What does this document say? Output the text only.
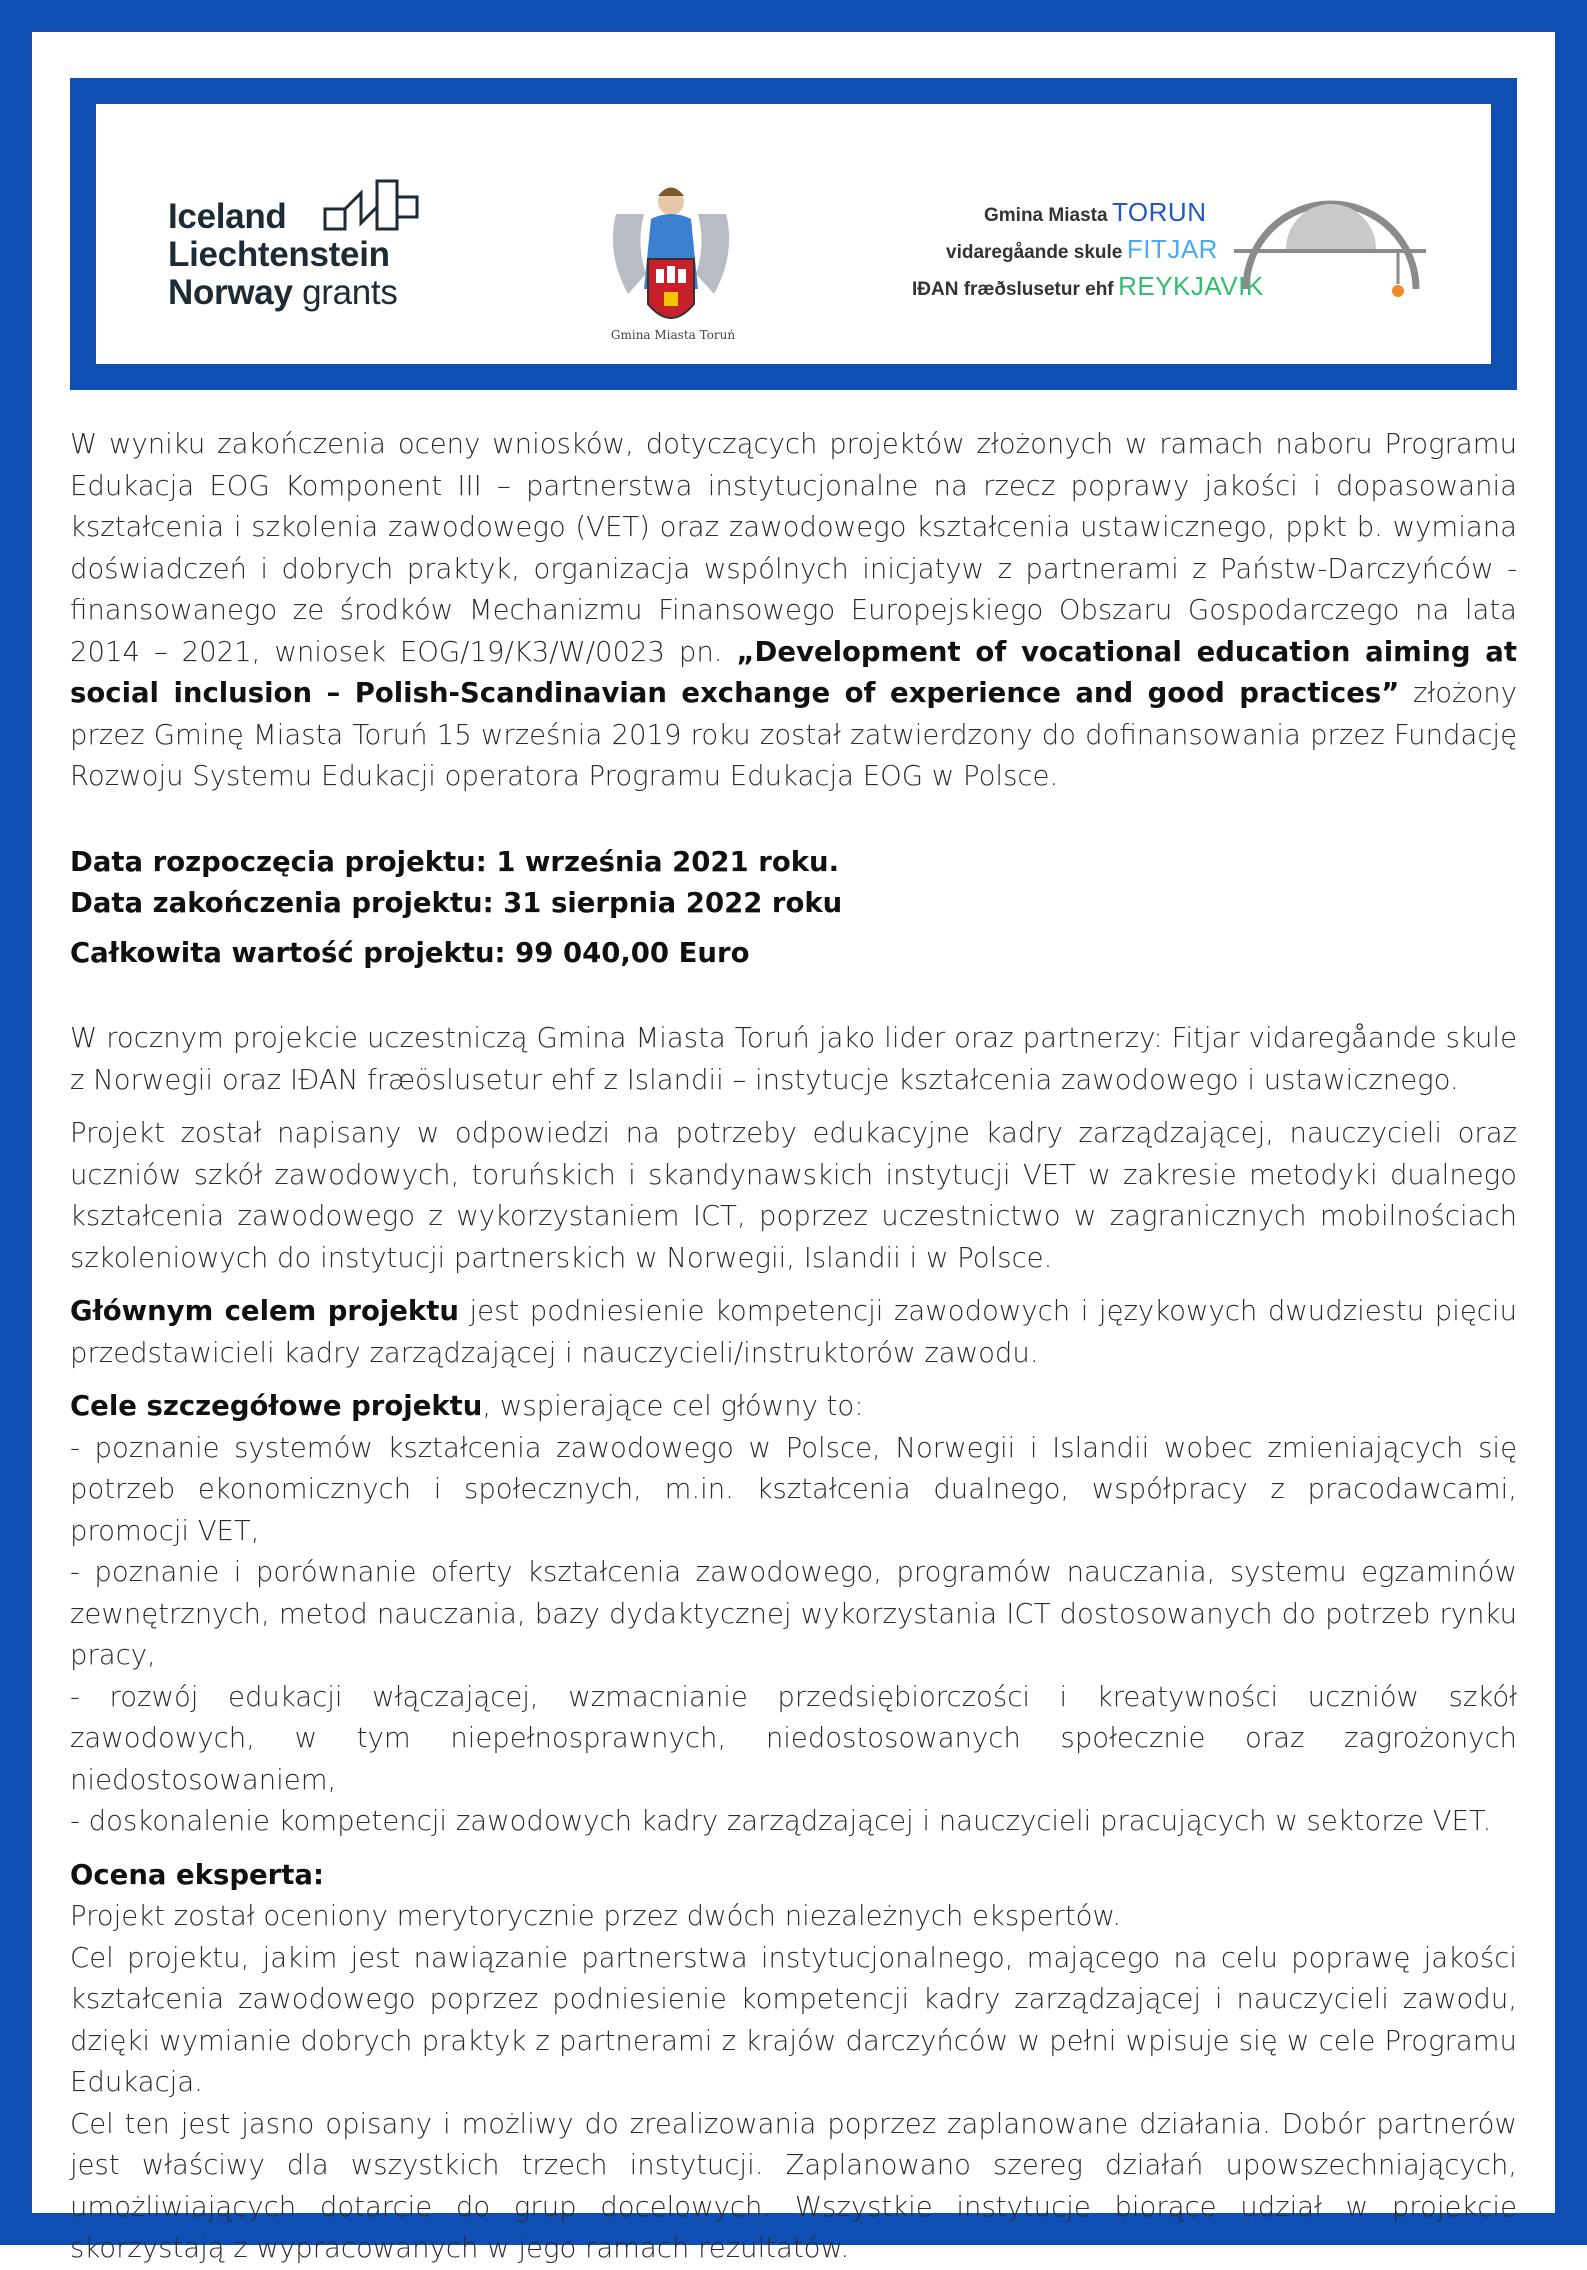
Iceland
Liechtenstein
Norway grants
Gmina Miasta Toruń
Gmina Miasta TORUN
vidaregåande skule FITJAR
IÐAN fræðslusetur ehf REYKJAVIK

W wyniku zakończenia oceny wniosków, dotyczących projektów złożonych w ramach naboru Programu Edukacja EOG Komponent III – partnerstwa instytucjonalne na rzecz poprawy jakości i dopasowania kształcenia i szkolenia zawodowego (VET) oraz zawodowego kształcenia ustawicznego, ppkt b. wymiana doświadczeń i dobrych praktyk, organizacja wspólnych inicjatyw z partnerami z Państw-Darczyńców - finansowanego ze środków Mechanizmu Finansowego Europejskiego Obszaru Gospodarczego na lata 2014 – 2021, wniosek EOG/19/K3/W/0023 pn. „Development of vocational education aiming at social inclusion – Polish-Scandinavian exchange of experience and good practices” złożony przez Gminę Miasta Toruń 15 września 2019 roku został zatwierdzony do dofinansowania przez Fundację Rozwoju Systemu Edukacji operatora Programu Edukacja EOG w Polsce.

Data rozpoczęcia projektu: 1 września 2021 roku.

Data zakończenia projektu: 31 sierpnia 2022 roku

Całkowita wartość projektu: 99 040,00 Euro

W rocznym projekcie uczestniczą Gmina Miasta Toruń jako lider oraz partnerzy: Fitjar vidaregåande skule z Norwegii oraz IÐAN fræöslusetur ehf z Islandii – instytucje kształcenia zawodowego i ustawicznego.

Projekt został napisany w odpowiedzi na potrzeby edukacyjne kadry zarządzającej, nauczycieli oraz uczniów szkół zawodowych, toruńskich i skandynawskich instytucji VET w zakresie metodyki dualnego kształcenia zawodowego z wykorzystaniem ICT, poprzez uczestnictwo w zagranicznych mobilnościach szkoleniowych do instytucji partnerskich w Norwegii, Islandii i w Polsce.

Głównym celem projektu jest podniesienie kompetencji zawodowych i językowych dwudziestu pięciu przedstawicieli kadry zarządzającej i nauczycieli/instruktorów zawodu.

Cele szczegółowe projektu, wspierające cel główny to:

- poznanie systemów kształcenia zawodowego w Polsce, Norwegii i Islandii wobec zmieniających się potrzeb ekonomicznych i społecznych, m.in. kształcenia dualnego, współpracy z pracodawcami, promocji VET,

- poznanie i porównanie oferty kształcenia zawodowego, programów nauczania, systemu egzaminów zewnętrznych, metod nauczania, bazy dydaktycznej wykorzystania ICT dostosowanych do potrzeb rynku pracy,

- rozwój edukacji włączającej, wzmacnianie przedsiębiorczości i kreatywności uczniów szkół zawodowych, w tym niepełnosprawnych, niedostosowanych społecznie oraz zagrożonych niedostosowaniem,

- doskonalenie kompetencji zawodowych kadry zarządzającej i nauczycieli pracujących w sektorze VET.

Ocena eksperta:

Projekt został oceniony merytorycznie przez dwóch niezależnych ekspertów.

Cel projektu, jakim jest nawiązanie partnerstwa instytucjonalnego, mającego na celu poprawę jakości kształcenia zawodowego poprzez podniesienie kompetencji kadry zarządzającej i nauczycieli zawodu, dzięki wymianie dobrych praktyk z partnerami z krajów darczyńców w pełni wpisuje się w cele Programu Edukacja.

Cel ten jest jasno opisany i możliwy do zrealizowania poprzez zaplanowane działania. Dobór partnerów jest właściwy dla wszystkich trzech instytucji. Zaplanowano szereg działań upowszechniających, umożliwiających dotarcie do grup docelowych. Wszystkie instytucje biorące udział w projekcie skorzystają z wypracowanych w jego ramach rezultatów.
